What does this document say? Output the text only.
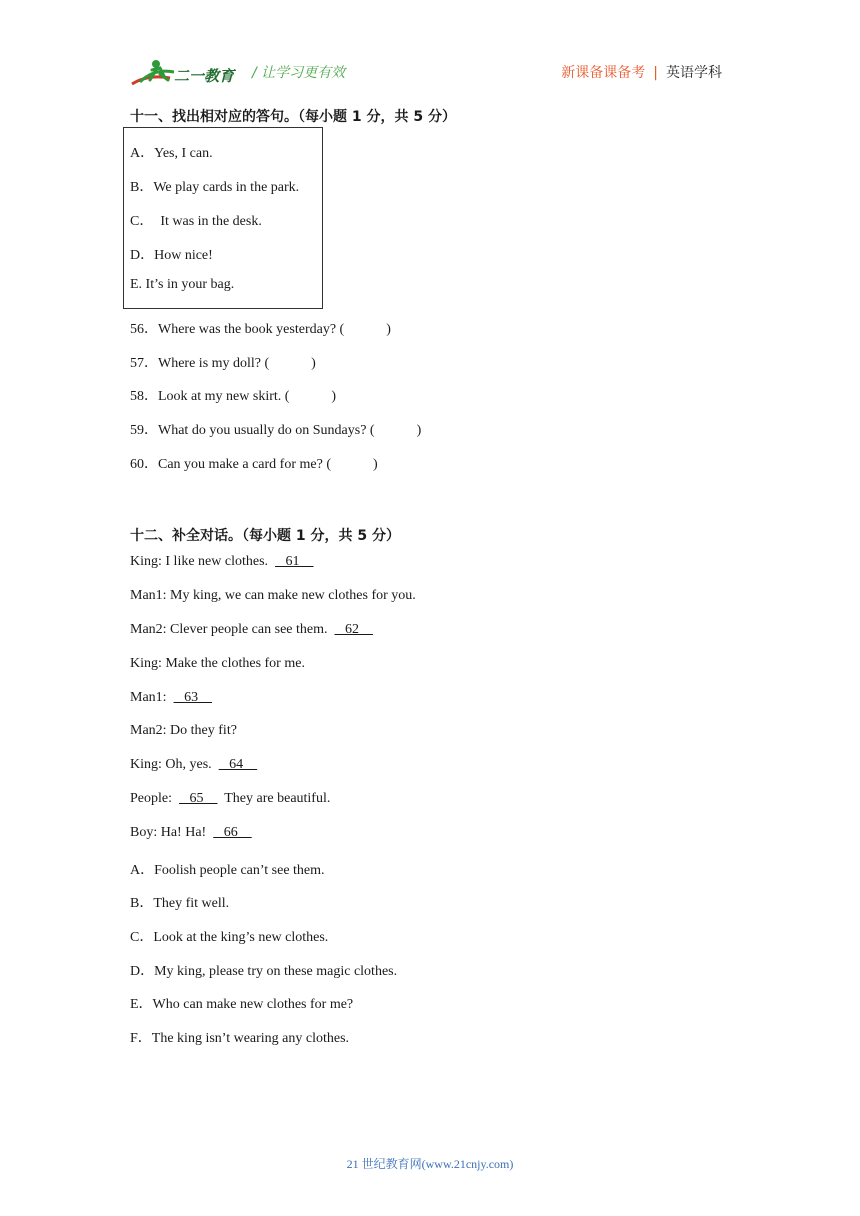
二一教育 / 让学习更有效	新课备课备考 | 英语学科
十一、找出相对应的答句。（每小题 1 分，共 5 分）
A．Yes, I can.
B．We play cards in the park.
C．  It was in the desk.
D．How nice!
E. It’s in your bag.
56．Where was the book yesterday? (            )
57．Where is my doll? (            )
58．Look at my new skirt. (            )
59．What do you usually do on Sundays? (            )
60．Can you make a card for me? (            )
十二、补全对话。（每小题 1 分，共 5 分）
King: I like new clothes.     61
Man1: My king, we can make new clothes for you.
Man2: Clever people can see them.     62
King: Make the clothes for me.
Man1:     63
Man2: Do they fit?
King: Oh, yes.     64
People:     65      They are beautiful.
Boy: Ha! Ha!     66
A．Foolish people can’t see them.
B．They fit well.
C．Look at the king’s new clothes.
D．My king, please try on these magic clothes.
E．Who can make new clothes for me?
F．The king isn’t wearing any clothes.
21 世纪教育网(www.21cnjy.com)
